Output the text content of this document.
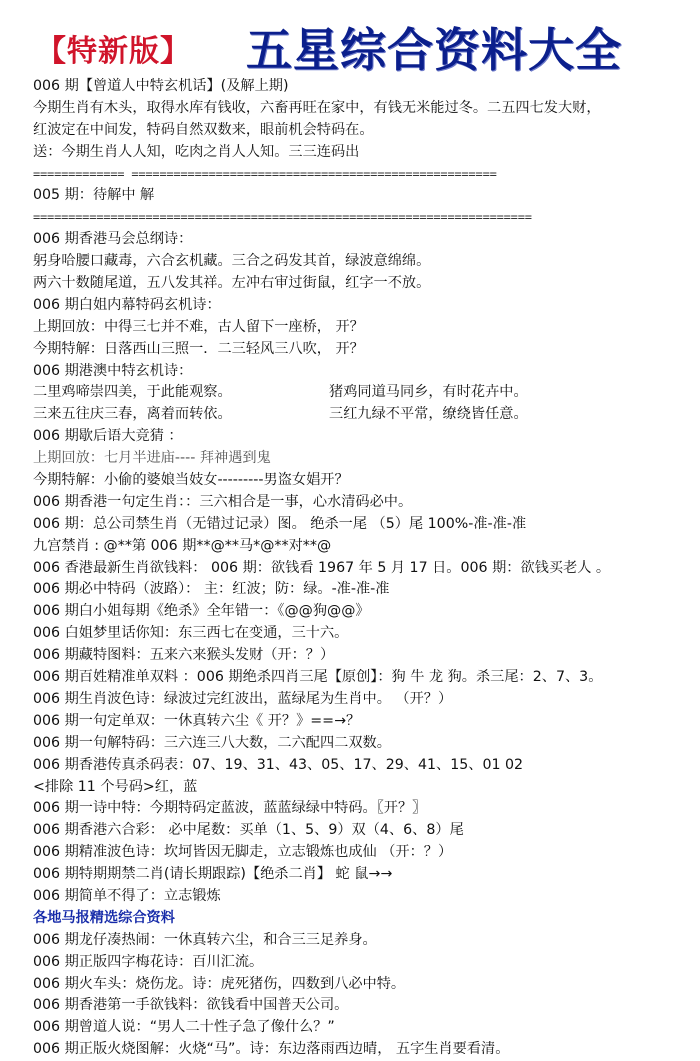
【特新版】 五星综合资料大全
006 期【曾道人中特玄机话】(及解上期)
今期生肖有木头，取得水库有钱收，六畜再旺在家中，有钱无米能过冬。二五四七发大财，
红波定在中间发，特码自然双数来，眼前机会特码在。
送：今期生肖人人知，吃肉之肖人人知。三三连码出
============= ====================================================
005 期：待解中 解
=======================================================================
006 期香港马会总纲诗：
躬身哈腰口藏毒，六合玄机藏。三合之码发其首，绿波意绵绵。
两六十数随尾道，五八发其祥。左冲右审过街鼠，红字一不放。
006 期白姐内幕特码玄机诗：
上期回放：中得三七并不难，古人留下一座桥， 开？
今期特解：日落西山三照一．二三轻风三八吹， 开？
006 期港澳中特玄机诗：
二里鸡啼崇四美，于此能观察。	猪鸡同道马同乡，有时花卉中。
三来五往庆三春，离着而转依。	三红九绿不平常，缭绕皆任意。
006 期歇后语大竞猜 ：
上期回放：七月半进庙---- 拜神遇到鬼
今期特解：小偷的婆娘当妓女---------男盗女娼开？
006 期香港一句定生肖：：三六相合是一事，心水清码必中。
006 期：总公司禁生肖（无错过记录）图。 绝杀一尾 （5）尾 100%-准-准-准
九宫禁肖 : @**第 006 期**@**马*@**对**@
006 香港最新生肖欲钱料： 006 期：欲钱看 1967 年 5 月 17 日。006 期：欲钱买老人 。
006 期必中特码（波路）： 主：红波；防：绿。-准-准-准
006 期白小姐每期《绝杀》全年错一：《@@狗@@》
006 白姐梦里话你知：东三西七在变通，三十六。
006 期藏特图料：五来六来猴头发财（开：？）
006 期百姓精准单双料 ：006 期绝杀四肖三尾【原创】：狗 牛 龙 狗。杀三尾：2、7、3。
006 期生肖波色诗：绿波过完红波出，蓝绿尾为生肖中。 （开？）
006 期一句定单双：一休真转六尘《 开？》==→？
006 期一句解特码：三六连三八大数，二六配四二双数。
006 期香港传真杀码表：07、19、31、43、05、17、29、41、15、01 02
<排除 11 个号码>红，蓝
006 期一诗中特：今期特码定蓝波，蓝蓝绿绿中特码。〖开？〗
006 期香港六合彩： 必中尾数：买单（1、5、9）双（4、6、8）尾
006 期精准波色诗：坎坷皆因无脚走，立志锻炼也成仙 （开：？）
006 期特期期禁二肖(请长期跟踪)【绝杀二肖】 蛇 鼠→→
006 期简单不得了：立志锻炼
各地马报精选综合资料
006 期龙仔凑热闹：一休真转六尘，和合三三足养身。
006 期正版四字梅花诗：百川汇流。
006 期火车头：烧伤龙。诗：虎死猪伤，四数到八必中特。
006 期香港第一手欲钱料：欲钱看中国普天公司。
006 期曾道人说：“男人二十性子急了像什么？”
006 期正版火烧图解：火烧“马”。诗：东边落雨西边晴， 五字生肖要看清。
